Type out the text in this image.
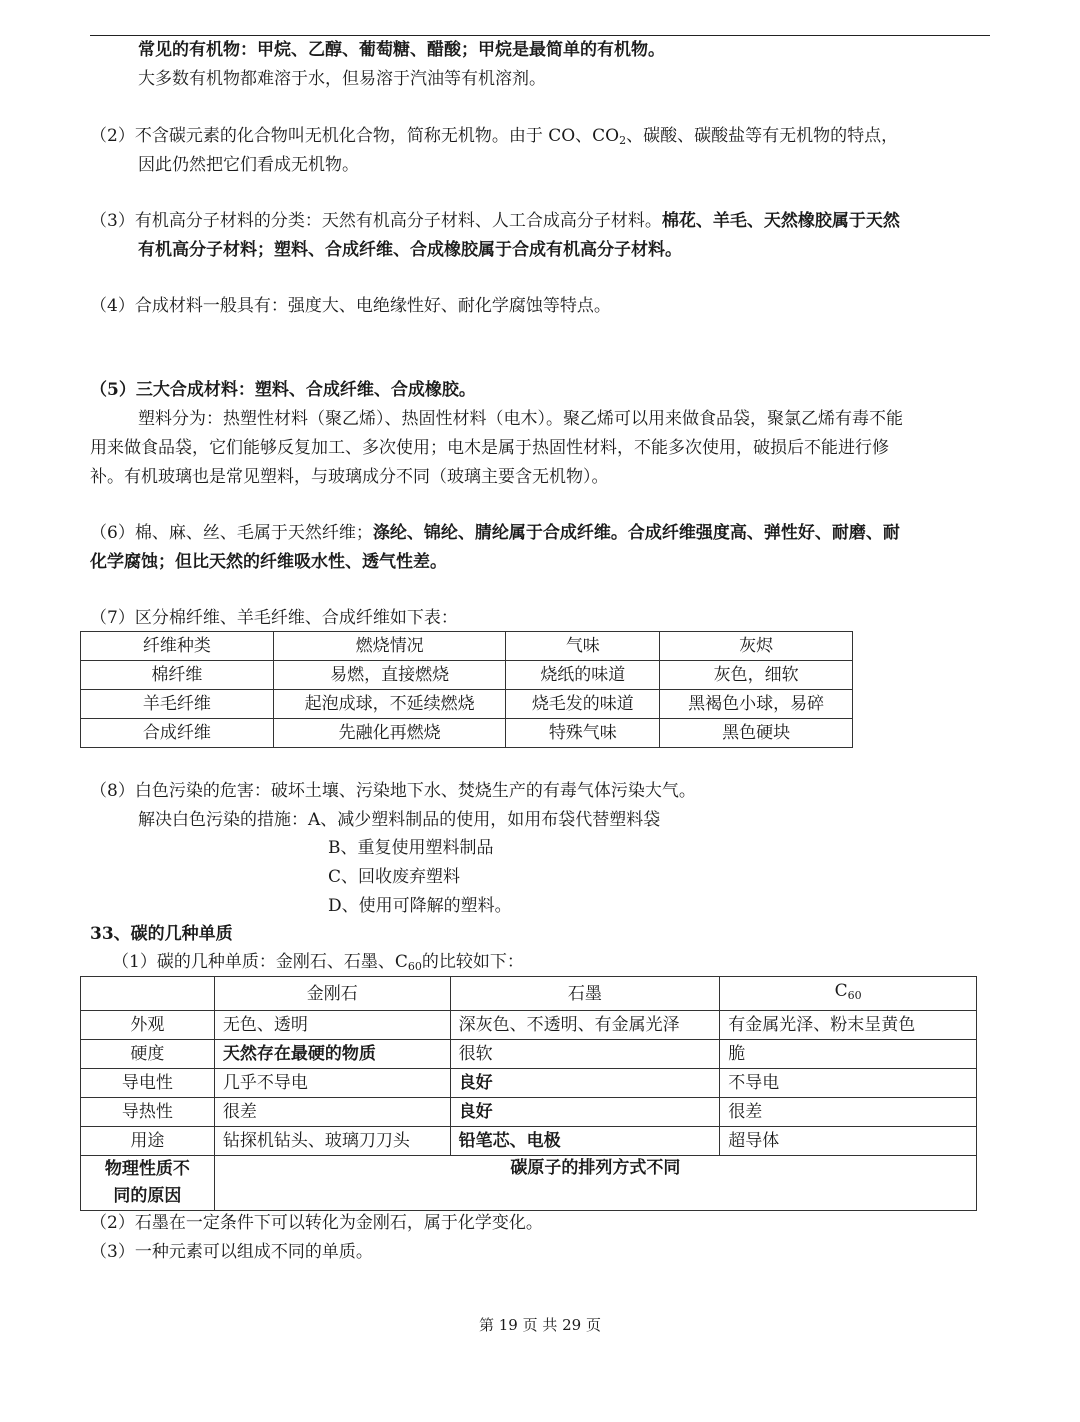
常见的有机物：甲烷、乙醇、葡萄糖、醋酸；甲烷是最简单的有机物。
大多数有机物都难溶于水，但易溶于汽油等有机溶剂。
（2）不含碳元素的化合物叫无机化合物，简称无机物。由于 CO、$CO_2$、碳酸、碳酸盐等有无机物的特点，
因此仍然把它们看成无机物。
（3）有机高分子材料的分类：天然有机高分子材料、人工合成高分子材料。棉花、羊毛、天然橡胶属于天然
有机高分子材料；塑料、合成纤维、合成橡胶属于合成有机高分子材料。
（4）合成材料一般具有：强度大、电绝缘性好、耐化学腐蚀等特点。
（5）三大合成材料：塑料、合成纤维、合成橡胶。
塑料分为：热塑性材料（聚乙烯）、热固性材料（电木）。聚乙烯可以用来做食品袋，聚氯乙烯有毒不能
用来做食品袋，它们能够反复加工、多次使用；电木是属于热固性材料，不能多次使用，破损后不能进行修
补。有机玻璃也是常见塑料，与玻璃成分不同（玻璃主要含无机物）。
（6）棉、麻、丝、毛属于天然纤维；涤纶、锦纶、腈纶属于合成纤维。合成纤维强度高、弹性好、耐磨、耐
化学腐蚀；但比天然的纤维吸水性、透气性差。
（7）区分棉纤维、羊毛纤维、合成纤维如下表：
纤维种类	燃烧情况	气味	灰烬
棉纤维	易燃，直接燃烧	烧纸的味道	灰色，细软
羊毛纤维	起泡成球，不延续燃烧	烧毛发的味道	黑褐色小球，易碎
合成纤维	先融化再燃烧	特殊气味	黑色硬块
（8）白色污染的危害：破坏土壤、污染地下水、焚烧生产的有毒气体污染大气。
解决白色污染的措施：A、减少塑料制品的使用，如用布袋代替塑料袋
B、重复使用塑料制品
C、回收废弃塑料
D、使用可降解的塑料。
33、碳的几种单质
（1）碳的几种单质：金刚石、石墨、$C_{60}$的比较如下：
	金刚石	石墨	$C_{60}$
外观	无色、透明	深灰色、不透明、有金属光泽	有金属光泽、粉末呈黄色
硬度	天然存在最硬的物质	很软	脆
导电性	几乎不导电	良好	不导电
导热性	很差	良好	很差
用途	钻探机钻头、玻璃刀刀头	铅笔芯、电极	超导体
物理性质不
同的原因	碳原子的排列方式不同		
（2）石墨在一定条件下可以转化为金刚石，属于化学变化。
（3）一种元素可以组成不同的单质。
第 19 页 共 29 页
